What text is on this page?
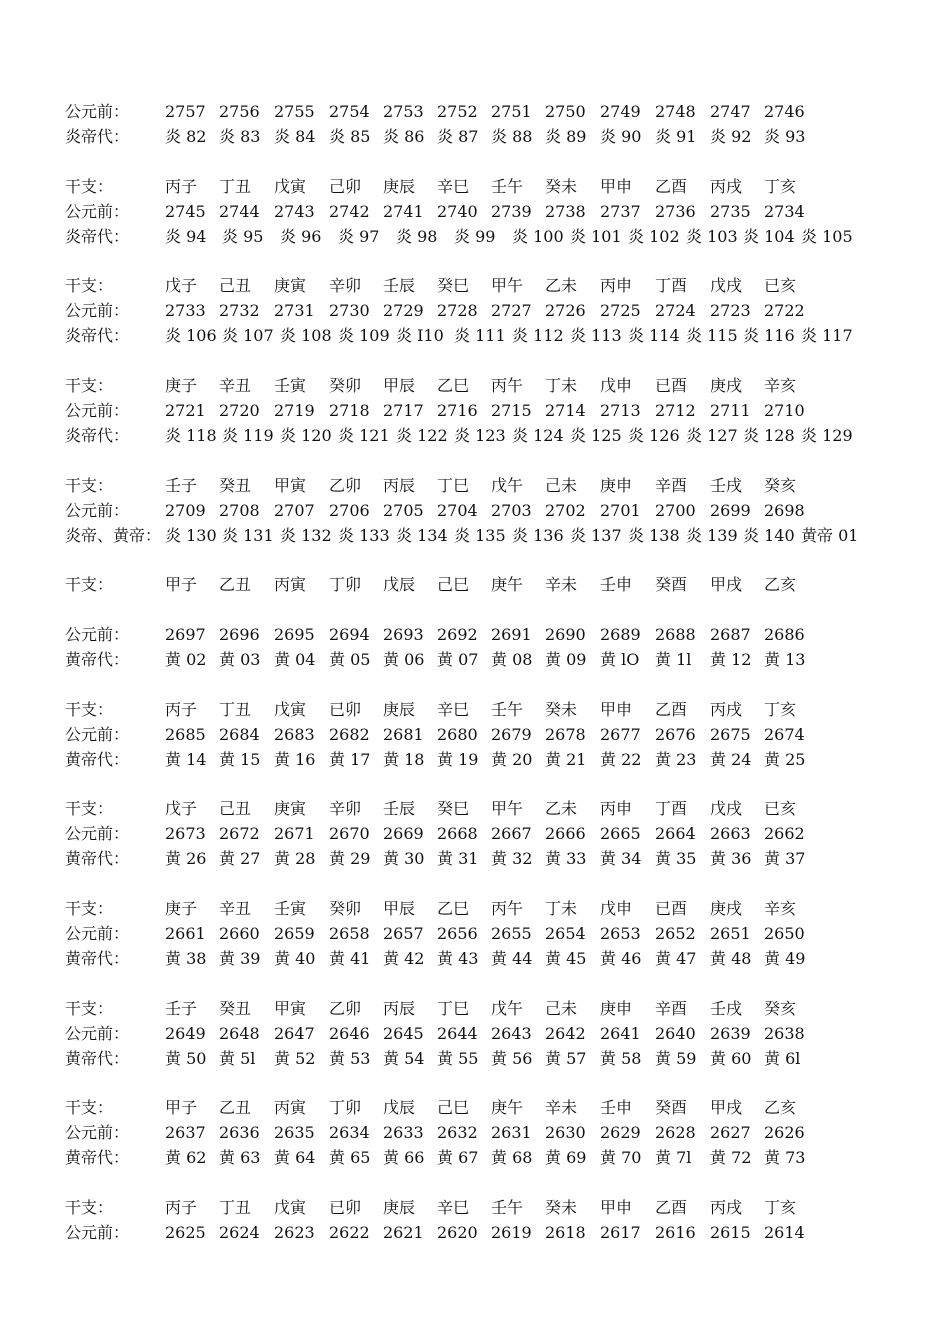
公元前： 2757 2756 2755 2754 2753 2752 2751 2750 2749 2748 2747 2746
炎帝代： 炎 82 炎 83 炎 84 炎 85 炎 86 炎 87 炎 88 炎 89 炎 90 炎 91 炎 92 炎 93
干支：	丙子 丁丑 戊寅 己卯 庚辰 辛巳 壬午 癸未 甲申 乙酉 丙戌 丁亥
公元前： 2745 2744 2743 2742 2741 2740 2739 2738 2737 2736 2735 2734
炎帝代： 炎 94 炎 95 炎 96 炎 97 炎 98 炎 99 炎 100 炎 101 炎 102 炎 103 炎 104 炎 105
干支：	戊子 己丑 庚寅 辛卯 壬辰 癸巳 甲午 乙未 丙申 丁酉 戊戌 已亥
公元前： 2733 2732 2731 2730 2729 2728 2727 2726 2725 2724 2723 2722
炎帝代： 炎 106 炎 107 炎 108 炎 109 炎 I10 炎 111 炎 112 炎 113 炎 114 炎 115 炎 116 炎 117
干支：	庚子 辛丑 壬寅 癸卯 甲辰 乙巳 丙午 丁未 戊申 已酉 庚戌 辛亥
公元前： 2721 2720 2719 2718 2717 2716 2715 2714 2713 2712 2711 2710
炎帝代： 炎 118 炎 119 炎 120 炎 121 炎 122 炎 123 炎 124 炎 125 炎 126 炎 127 炎 128 炎 129
干支：	壬子 癸丑 甲寅 乙卯 丙辰 丁巳 戊午 己未 庚申 辛酉 壬戌 癸亥
公元前： 2709 2708 2707 2706 2705 2704 2703 2702 2701 2700 2699 2698
炎帝、黄帝： 炎 130 炎 131 炎 132 炎 133 炎 134 炎 135 炎 136 炎 137 炎 138 炎 139 炎 140 黄帝 01
干支：	甲子 乙丑 丙寅 丁卯 戊辰 己巳 庚午 辛未 壬申 癸酉 甲戌 乙亥
公元前： 2697 2696 2695 2694 2693 2692 2691 2690 2689 2688 2687 2686
黄帝代： 黄 02 黄 03 黄 04 黄 05 黄 06 黄 07 黄 08 黄 09 黄 lO 黄 1l 黄 12 黄 13
干支：	丙子 丁丑 戊寅 已卯 庚辰 辛巳 壬午 癸未 甲申 乙酉 丙戌 丁亥
公元前： 2685 2684 2683 2682 2681 2680 2679 2678 2677 2676 2675 2674
黄帝代： 黄 14 黄 15 黄 16 黄 17 黄 18 黄 19 黄 20 黄 21 黄 22 黄 23 黄 24 黄 25
干支：	戊子 己丑 庚寅 辛卯 壬辰 癸巳 甲午 乙未 丙申 丁酉 戊戌 已亥
公元前： 2673 2672 2671 2670 2669 2668 2667 2666 2665 2664 2663 2662
黄帝代： 黄 26 黄 27 黄 28 黄 29 黄 30 黄 31 黄 32 黄 33 黄 34 黄 35 黄 36 黄 37
干支：	庚子 辛丑 壬寅 癸卯 甲辰 乙巳 丙午 丁未 戊申 已酉 庚戌 辛亥
公元前： 2661 2660 2659 2658 2657 2656 2655 2654 2653 2652 2651 2650
黄帝代： 黄 38 黄 39 黄 40 黄 41 黄 42 黄 43 黄 44 黄 45 黄 46 黄 47 黄 48 黄 49
干支：	壬子 癸丑 甲寅 乙卯 丙辰 丁巳 戊午 己未 庚申 辛酉 壬戌 癸亥
公元前： 2649 2648 2647 2646 2645 2644 2643 2642 2641 2640 2639 2638
黄帝代： 黄 50 黄 5l 黄 52 黄 53 黄 54 黄 55 黄 56 黄 57 黄 58 黄 59 黄 60 黄 6l
干支：	甲子 乙丑 丙寅 丁卯 戊辰 己巳 庚午 辛未 壬申 癸酉 甲戌 乙亥
公元前： 2637 2636 2635 2634 2633 2632 2631 2630 2629 2628 2627 2626
黄帝代： 黄 62 黄 63 黄 64 黄 65 黄 66 黄 67 黄 68 黄 69 黄 70 黄 7l 黄 72 黄 73
干支：	丙子 丁丑 戊寅 已卯 庚辰 辛巳 壬午 癸未 甲申 乙酉 丙戌 丁亥
公元前： 2625 2624 2623 2622 2621 2620 2619 2618 2617 2616 2615 2614
